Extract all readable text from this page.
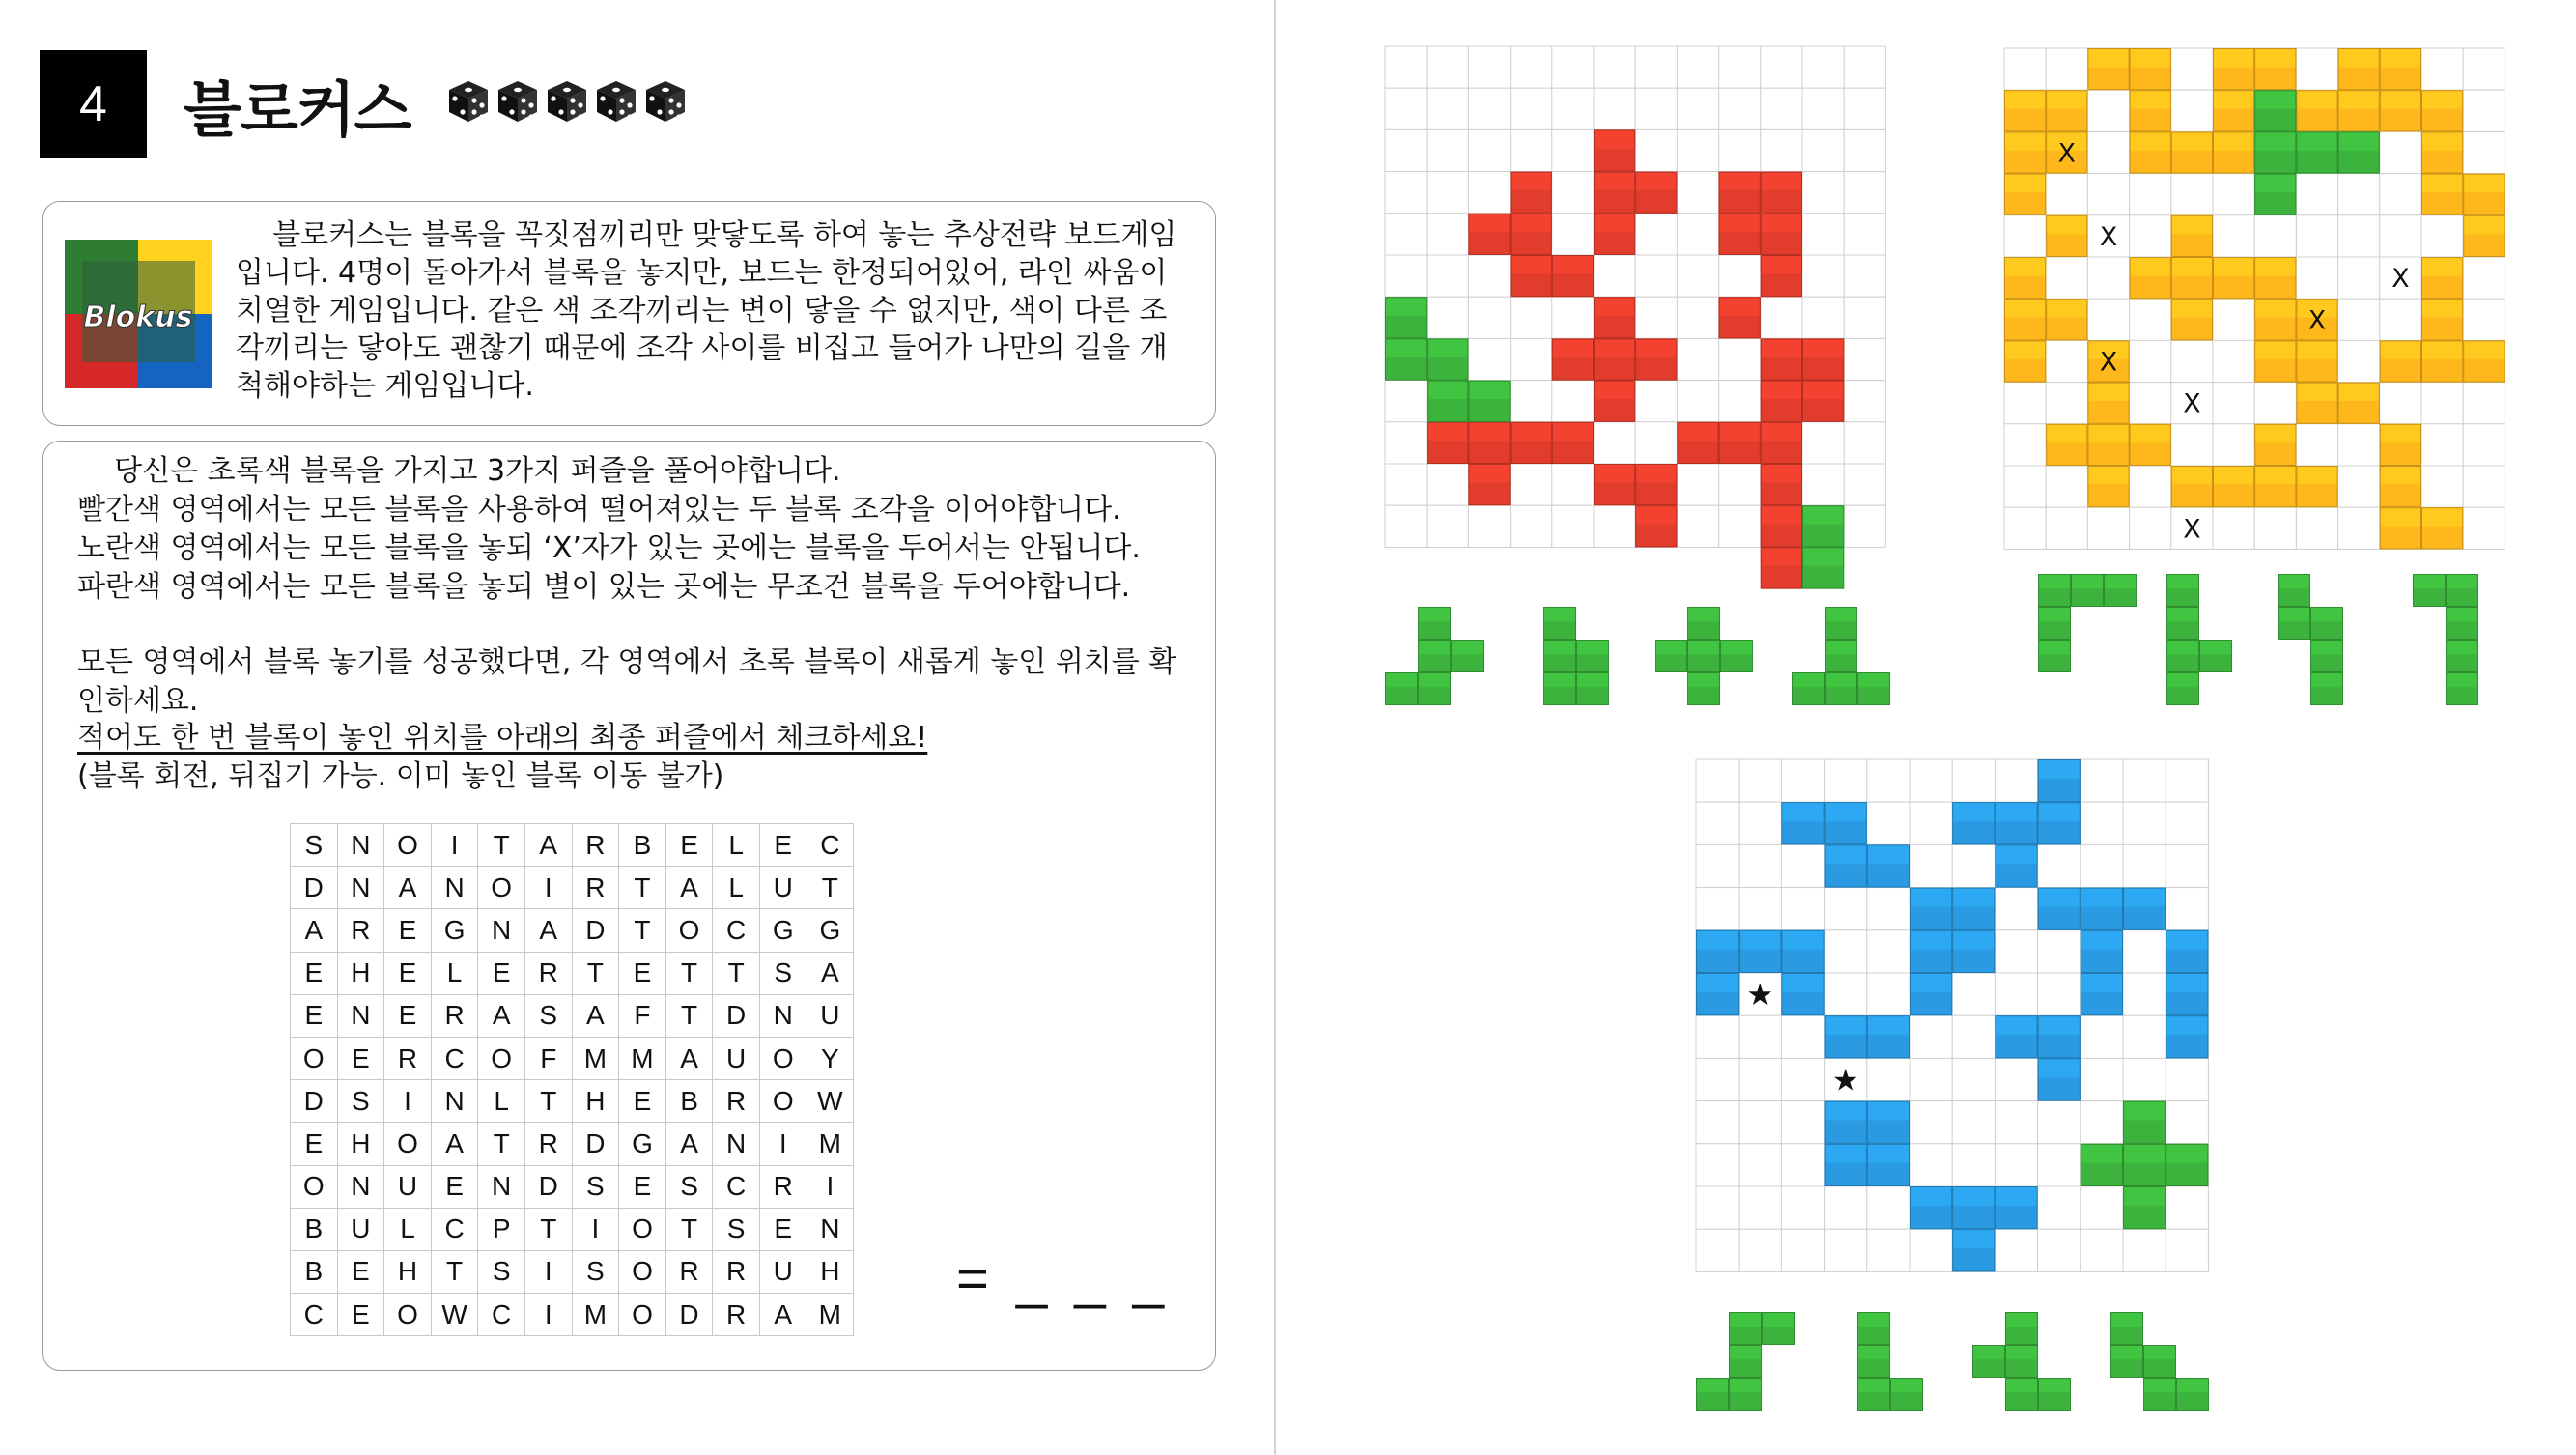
4	블로커스
Blokus
블로커스는 블록을 꼭짓점끼리만 맞닿도록 하여 놓는 추상전략 보드게임
입니다. 4명이 돌아가서 블록을 놓지만, 보드는 한정되어있어, 라인 싸움이
치열한 게임입니다. 같은 색 조각끼리는 변이 닿을 수 없지만, 색이 다른 조
각끼리는 닿아도 괜찮기 때문에 조각 사이를 비집고 들어가 나만의 길을 개
척해야하는 게임입니다.
당신은 초록색 블록을 가지고 3가지 퍼즐을 풀어야합니다.
빨간색 영역에서는 모든 블록을 사용하여 떨어져있는 두 블록 조각을 이어야합니다.
노란색 영역에서는 모든 블록을 놓되 ‘X’자가 있는 곳에는 블록을 두어서는 안됩니다.
파란색 영역에서는 모든 블록을 놓되 별이 있는 곳에는 무조건 블록을 두어야합니다.
모든 영역에서 블록 놓기를 성공했다면, 각 영역에서 초록 블록이 새롭게 놓인 위치를 확
인하세요.
적어도 한 번 블록이 놓인 위치를 아래의 최종 퍼즐에서 체크하세요!
(블록 회전, 뒤집기 가능. 이미 놓인 블록 이동 불가)
S	N	O	I	T	A	R	B	E	L	E	C
D	N	A	N	O	I	R	T	A	L	U	T
A	R	E	G	N	A	D	T	O	C	G	G
E	H	E	L	E	R	T	E	T	T	S	A
E	N	E	R	A	S	A	F	T	D	N	U
O	E	R	C	O	F	M	M	A	U	O	Y
D	S	I	N	L	T	H	E	B	R	O	W
E	H	O	A	T	R	D	G	A	N	I	M
O	N	U	E	N	D	S	E	S	C	R	I
B	U	L	C	P	T	I	O	T	S	E	N
B	E	H	T	S	I	S	O	R	R	U	H
C	E	O	W	C	I	M	O	D	R	A	M
= _ _ _
X
X
X
X
X
X
X
★
★
